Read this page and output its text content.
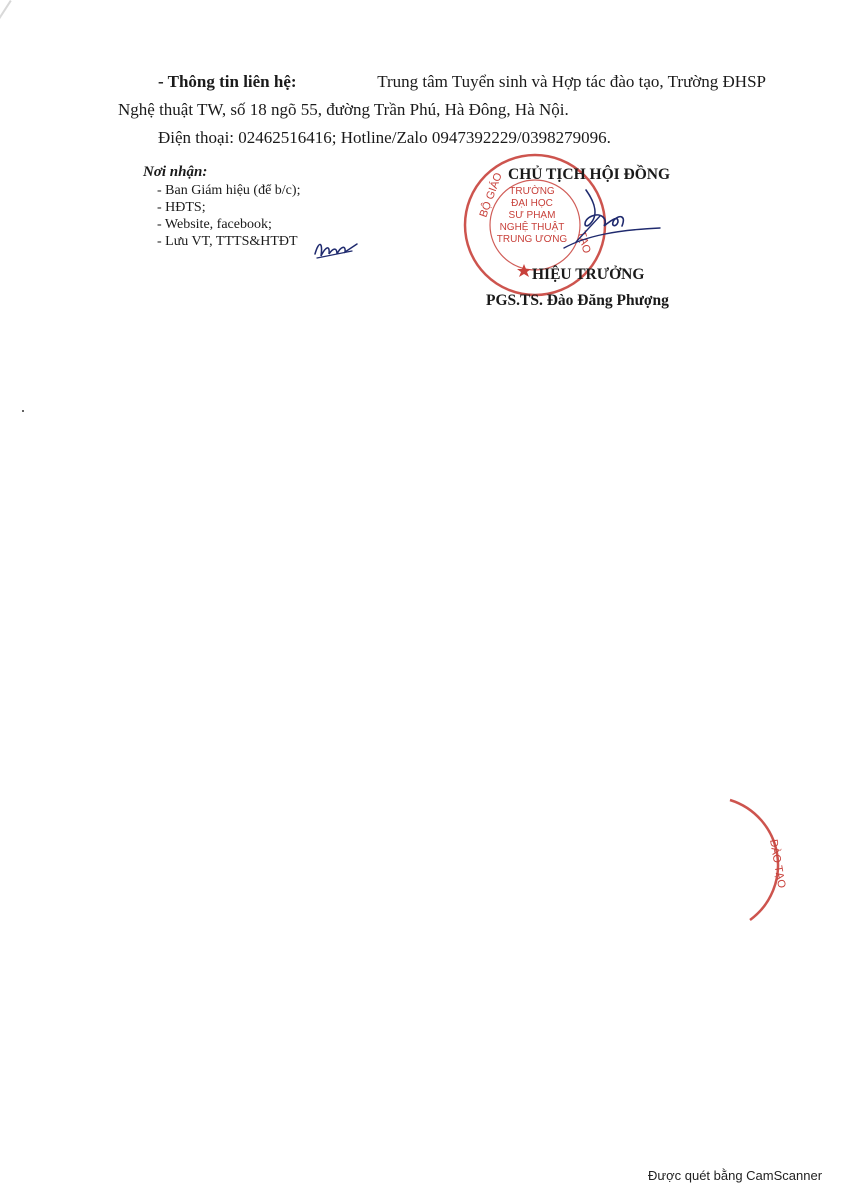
- Thông tin liên hệ:	Trung tâm Tuyển sinh và Hợp tác đào tạo, Trường ĐHSP
Nghệ thuật TW, số 18 ngõ 55, đường Trần Phú, Hà Đông, Hà Nội.
Điện thoại: 02462516416; Hotline/Zalo 0947392229/0398279096.
Nơi nhận:
- Ban Giám hiệu (để b/c);
- HĐTS;
- Website, facebook;
- Lưu VT, TTTS&HTĐT
BỘ GIÁO
TẠO
TRƯỜNG
ĐẠI HỌC
SƯ PHẠM
NGHỆ THUẬT
TRUNG ƯƠNG
CHỦ TỊCH HỘI ĐỒNG
HIỆU TRƯỞNG
PGS.TS. Đào Đăng Phượng
ĐÀO TẠO
Được quét bằng CamScanner
